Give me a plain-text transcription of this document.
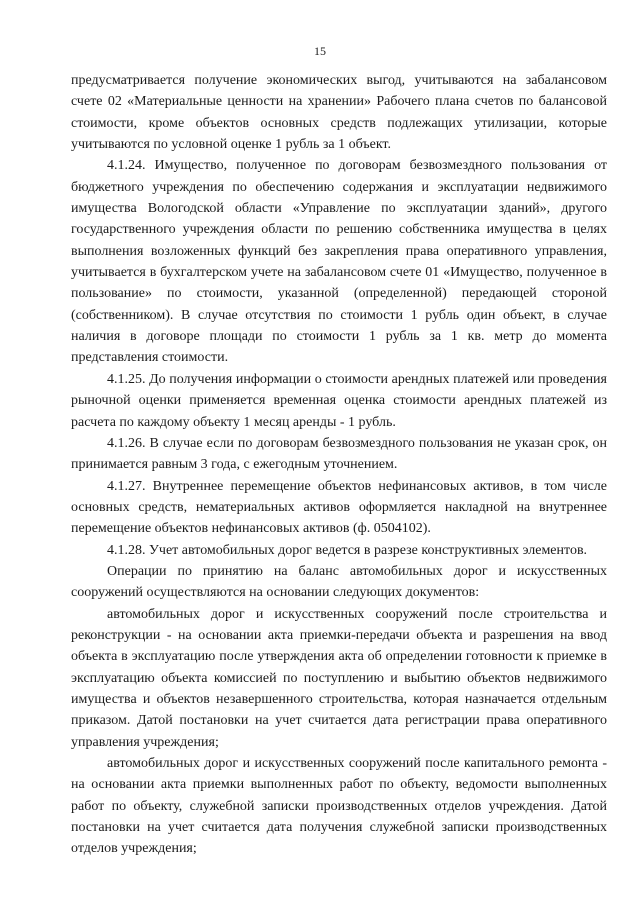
15

предусматривается получение экономических выгод, учитываются на забалансовом счете 02 «Материальные ценности на хранении» Рабочего плана счетов по балансовой стоимости, кроме объектов основных средств подлежащих утилизации, которые учитываются по условной оценке 1 рубль за 1 объект.

4.1.24. Имущество, полученное по договорам безвозмездного пользования от бюджетного учреждения по обеспечению содержания и эксплуатации недвижимого имущества Вологодской области «Управление по эксплуатации зданий», другого государственного учреждения области по решению собственника имущества в целях выполнения возложенных функций без закрепления права оперативного управления, учитывается в бухгалтерском учете на забалансовом счете 01 «Имущество, полученное в пользование» по стоимости, указанной (определенной) передающей стороной (собственником). В случае отсутствия по стоимости 1 рубль один объект, в случае наличия в договоре площади по стоимости 1 рубль за 1 кв. метр до момента представления стоимости.

4.1.25. До получения информации о стоимости арендных платежей или проведения рыночной оценки применяется временная оценка стоимости арендных платежей из расчета по каждому объекту 1 месяц аренды - 1 рубль.

4.1.26. В случае если по договорам безвозмездного пользования не указан срок, он принимается равным 3 года, с ежегодным уточнением.

4.1.27. Внутреннее перемещение объектов нефинансовых активов, в том числе основных средств, нематериальных активов оформляется накладной на внутреннее перемещение объектов нефинансовых активов (ф. 0504102).

4.1.28. Учет автомобильных дорог ведется в разрезе конструктивных элементов.

Операции по принятию на баланс автомобильных дорог и искусственных сооружений осуществляются на основании следующих документов:

автомобильных дорог и искусственных сооружений после строительства и реконструкции - на основании акта приемки-передачи объекта и разрешения на ввод объекта в эксплуатацию после утверждения акта об определении готовности к приемке в эксплуатацию объекта комиссией по поступлению и выбытию объектов недвижимого имущества и объектов незавершенного строительства, которая назначается отдельным приказом. Датой постановки на учет считается дата регистрации права оперативного управления учреждения;

автомобильных дорог и искусственных сооружений после капитального ремонта - на основании акта приемки выполненных работ по объекту, ведомости выполненных работ по объекту, служебной записки производственных отделов учреждения. Датой постановки на учет считается дата получения служебной записки производственных отделов учреждения;
